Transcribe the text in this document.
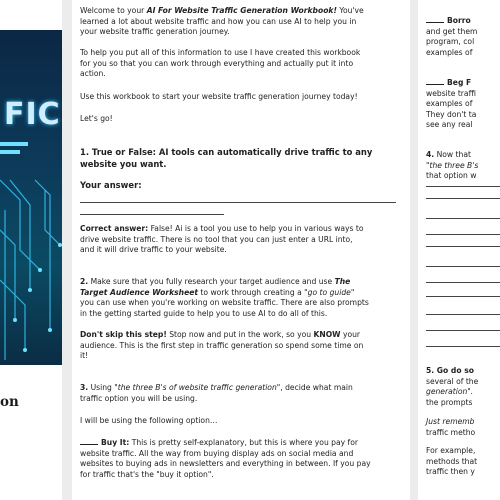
FIC
on
Welcome to your AI For Website Traffic Generation Workbook! You've
learned a lot about website traffic and how you can use AI to help you in
your website traffic generation journey.
To help you put all of this information to use I have created this workbook
for you so that you can work through everything and actually put it into
action.
Use this workbook to start your website traffic generation journey today!
Let's go!
1. True or False: AI tools can automatically drive traffic to any
website you want.
Your answer:
Correct answer: False! Ai is a tool you use to help you in various ways to
drive website traffic. There is no tool that you can just enter a URL into,
and it will drive traffic to your website.
2. Make sure that you fully research your target audience and use The
Target Audience Worksheet to work through creating a "go to guide"
you can use when you're working on website traffic. There are also prompts
in the getting started guide to help you to use AI to do all of this.
Don't skip this step! Stop now and put in the work, so you KNOW your
audience. This is the first step in traffic generation so spend some time on
it!
3. Using "the three B's of website traffic generation", decide what main
traffic option you will be using.
I will be using the following option…
Buy It: This is pretty self-explanatory, but this is where you pay for
website traffic. All the way from buying display ads on social media and
websites to buying ads in newsletters and everything in between. If you pay
for traffic that's the "buy it option".
Borro
and get them
program, col
examples of
Beg F
website traffi
examples of
They don't ta
see any real
4. Now that
"the three B's
that option w
5. Go do so
several of the
generation".
the prompts
Just rememb
traffic metho
For example,
methods that
traffic then y
